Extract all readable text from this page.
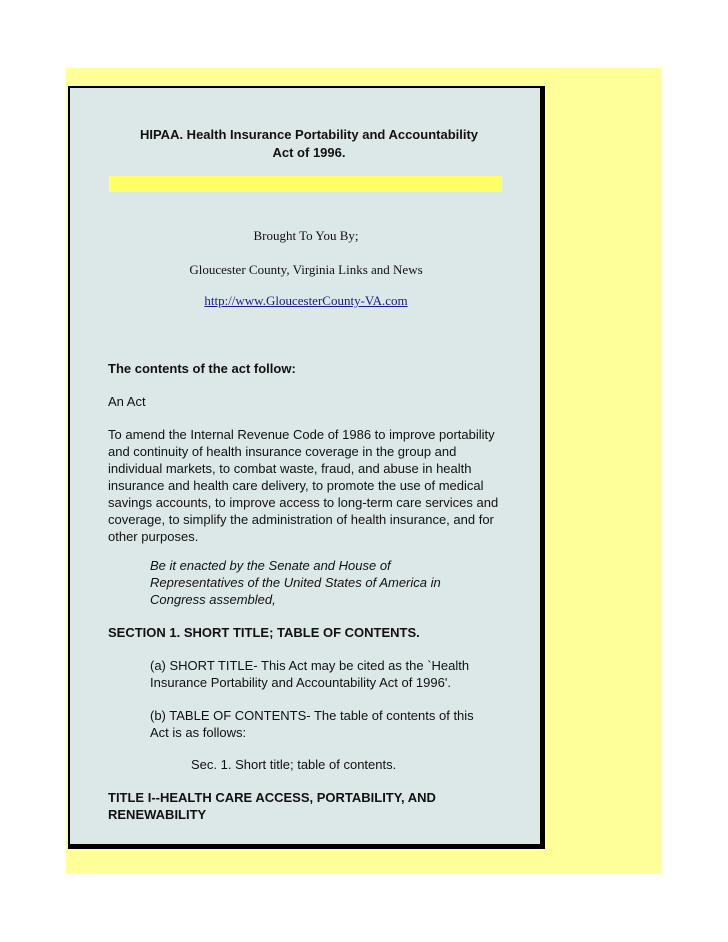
HIPAA. Health Insurance Portability and Accountability
Act of 1996.
Brought To You By;
Gloucester County, Virginia Links and News
http://www.GloucesterCounty-VA.com

The contents of the act follow:

An Act

To amend the Internal Revenue Code of 1986 to improve portability and continuity of health insurance coverage in the group and individual markets, to combat waste, fraud, and abuse in health insurance and health care delivery, to promote the use of medical savings accounts, to improve access to long-term care services and coverage, to simplify the administration of health insurance, and for other purposes.

Be it enacted by the Senate and House of Representatives of the United States of America in Congress assembled,

SECTION 1. SHORT TITLE; TABLE OF CONTENTS.

(a) SHORT TITLE- This Act may be cited as the `Health Insurance Portability and Accountability Act of 1996'.

(b) TABLE OF CONTENTS- The table of contents of this Act is as follows:

Sec. 1. Short title; table of contents.

TITLE I--HEALTH CARE ACCESS, PORTABILITY, AND RENEWABILITY
